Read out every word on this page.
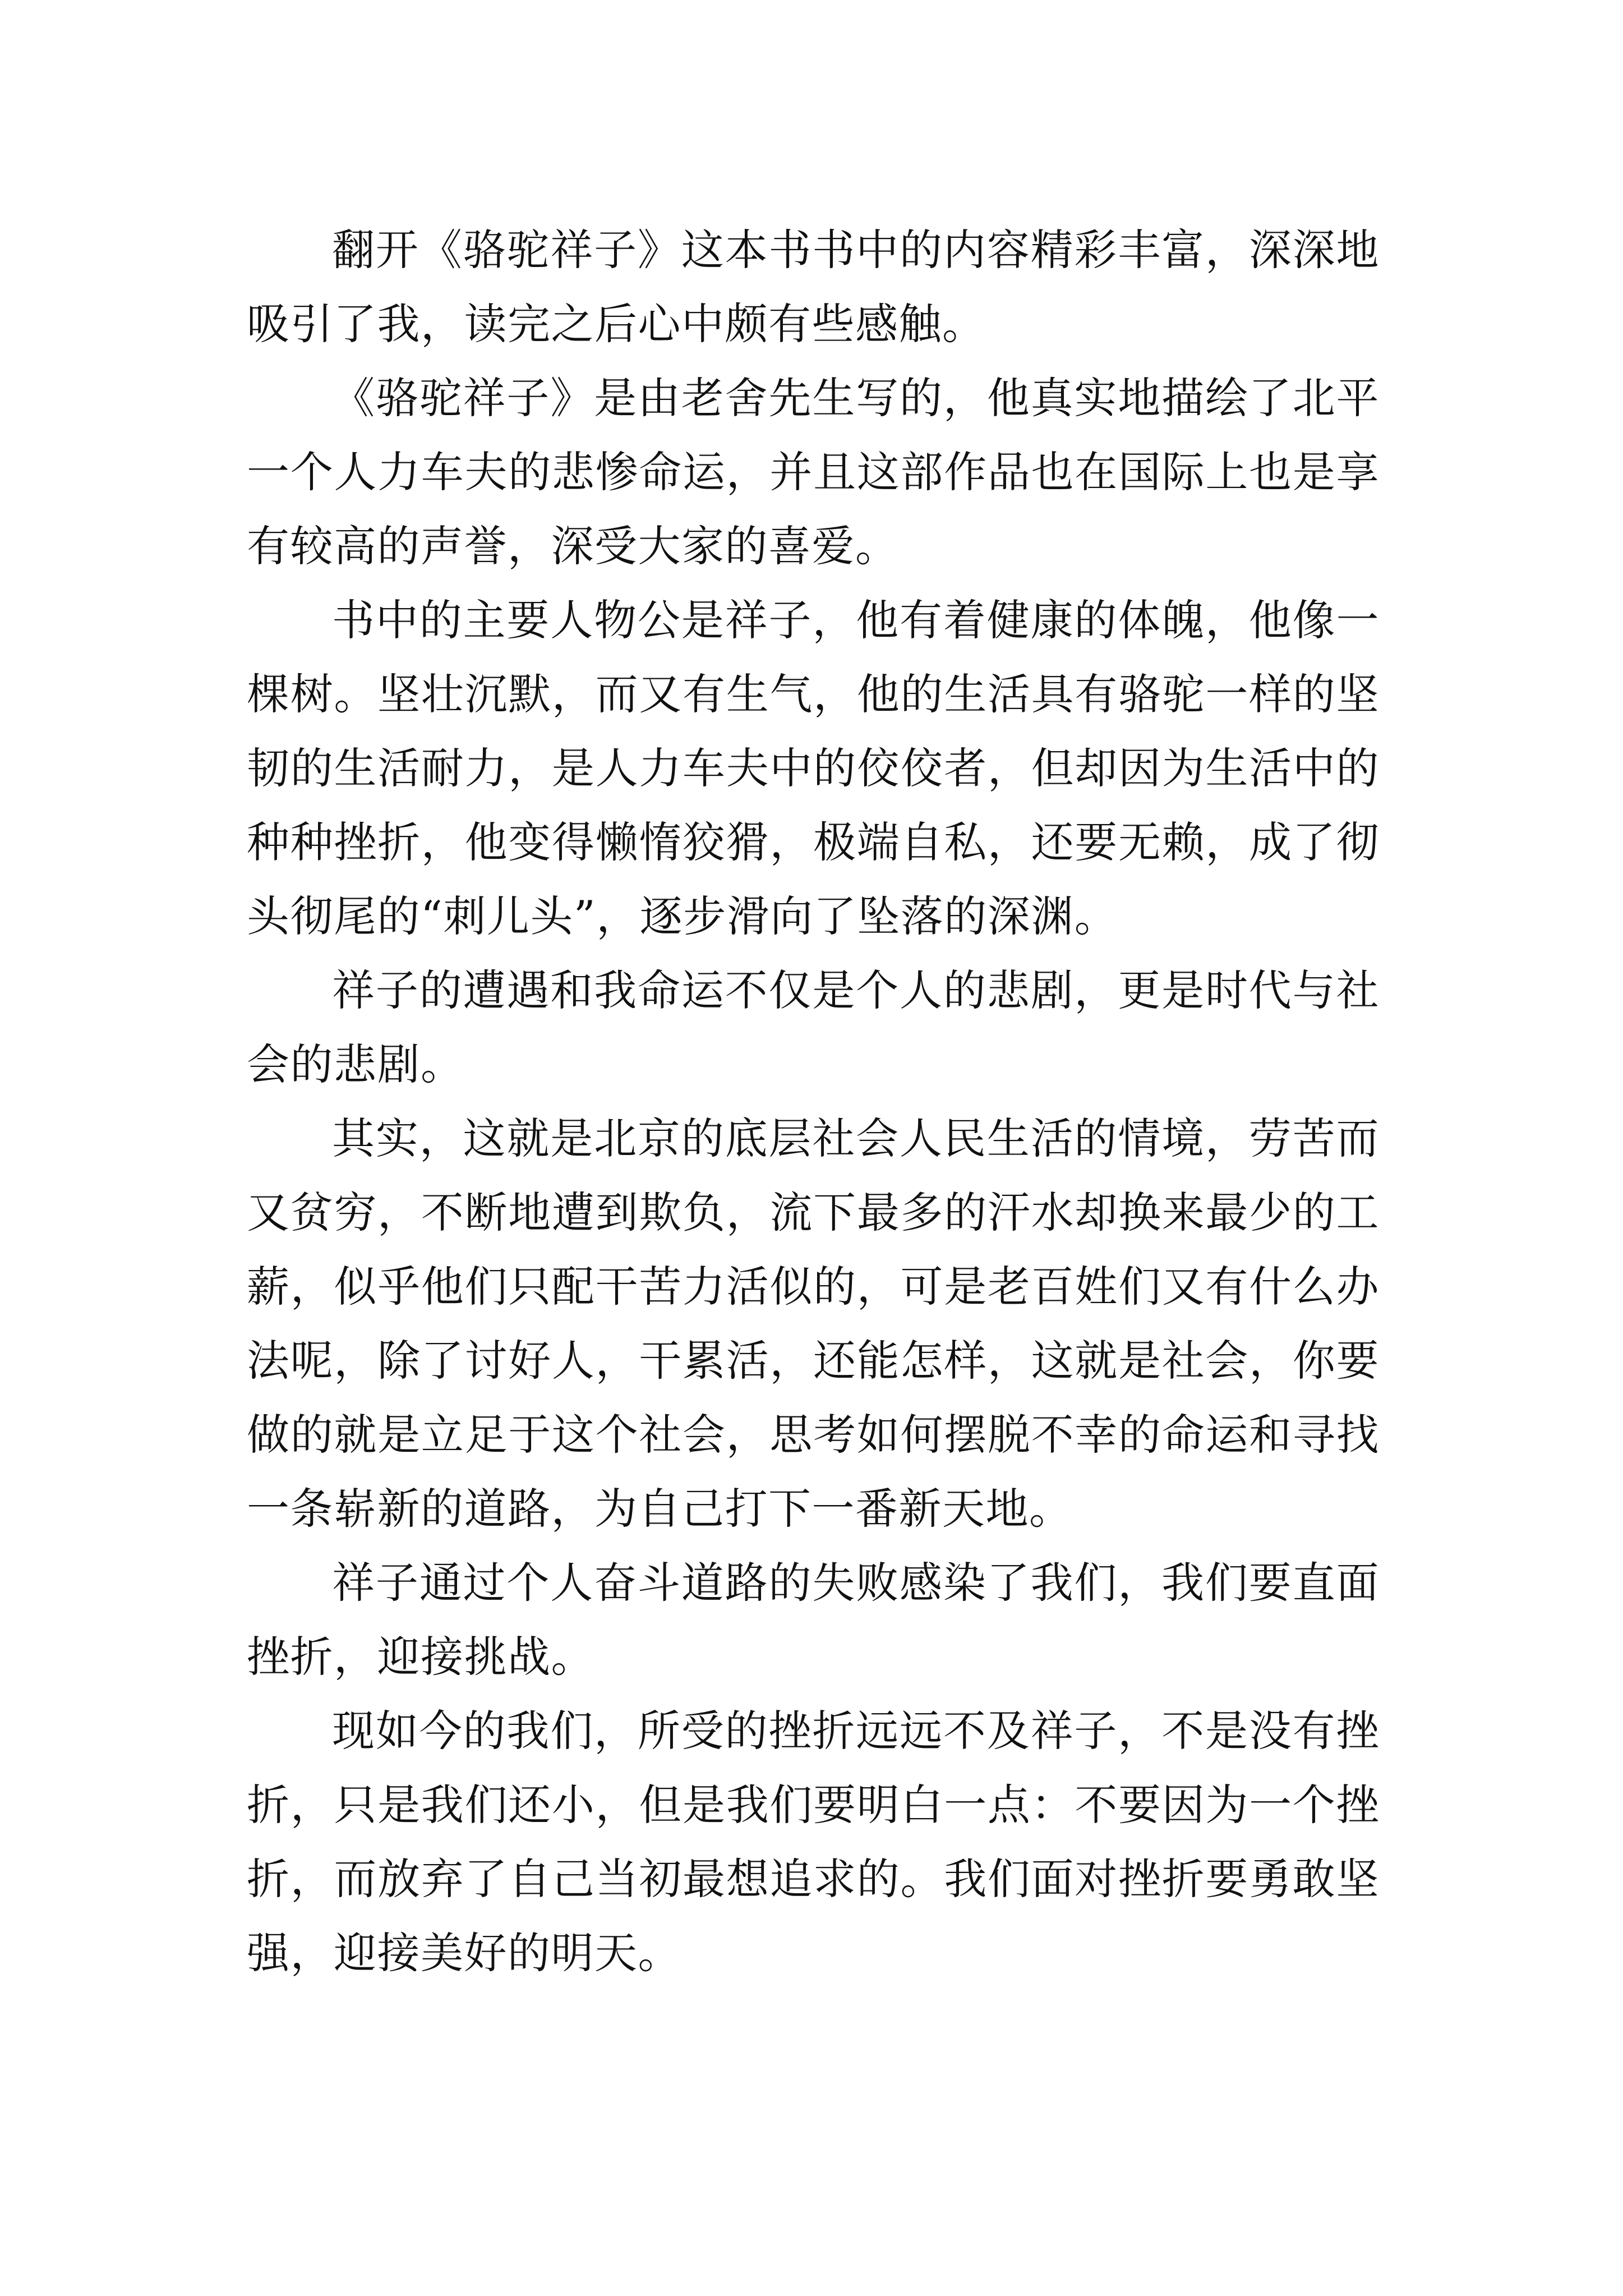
翻开《骆驼祥子》这本书书中的内容精彩丰富，深深地吸引了我，读完之后心中颇有些感触。

《骆驼祥子》是由老舍先生写的，他真实地描绘了北平一个人力车夫的悲惨命运，并且这部作品也在国际上也是享有较高的声誉，深受大家的喜爱。

书中的主要人物公是祥子，他有着健康的体魄，他像一棵树。坚壮沉默，而又有生气，他的生活具有骆驼一样的坚韧的生活耐力，是人力车夫中的佼佼者，但却因为生活中的种种挫折，他变得懒惰狡猾，极端自私，还要无赖，成了彻头彻尾的“刺儿头”，逐步滑向了坠落的深渊。

祥子的遭遇和我命运不仅是个人的悲剧，更是时代与社会的悲剧。

其实，这就是北京的底层社会人民生活的情境，劳苦而又贫穷，不断地遭到欺负，流下最多的汗水却换来最少的工薪，似乎他们只配干苦力活似的，可是老百姓们又有什么办法呢，除了讨好人，干累活，还能怎样，这就是社会，你要做的就是立足于这个社会，思考如何摆脱不幸的命运和寻找一条崭新的道路，为自己打下一番新天地。

祥子通过个人奋斗道路的失败感染了我们，我们要直面挫折，迎接挑战。

现如今的我们，所受的挫折远远不及祥子，不是没有挫折，只是我们还小，但是我们要明白一点：不要因为一个挫折，而放弃了自己当初最想追求的。我们面对挫折要勇敢坚强，迎接美好的明天。
